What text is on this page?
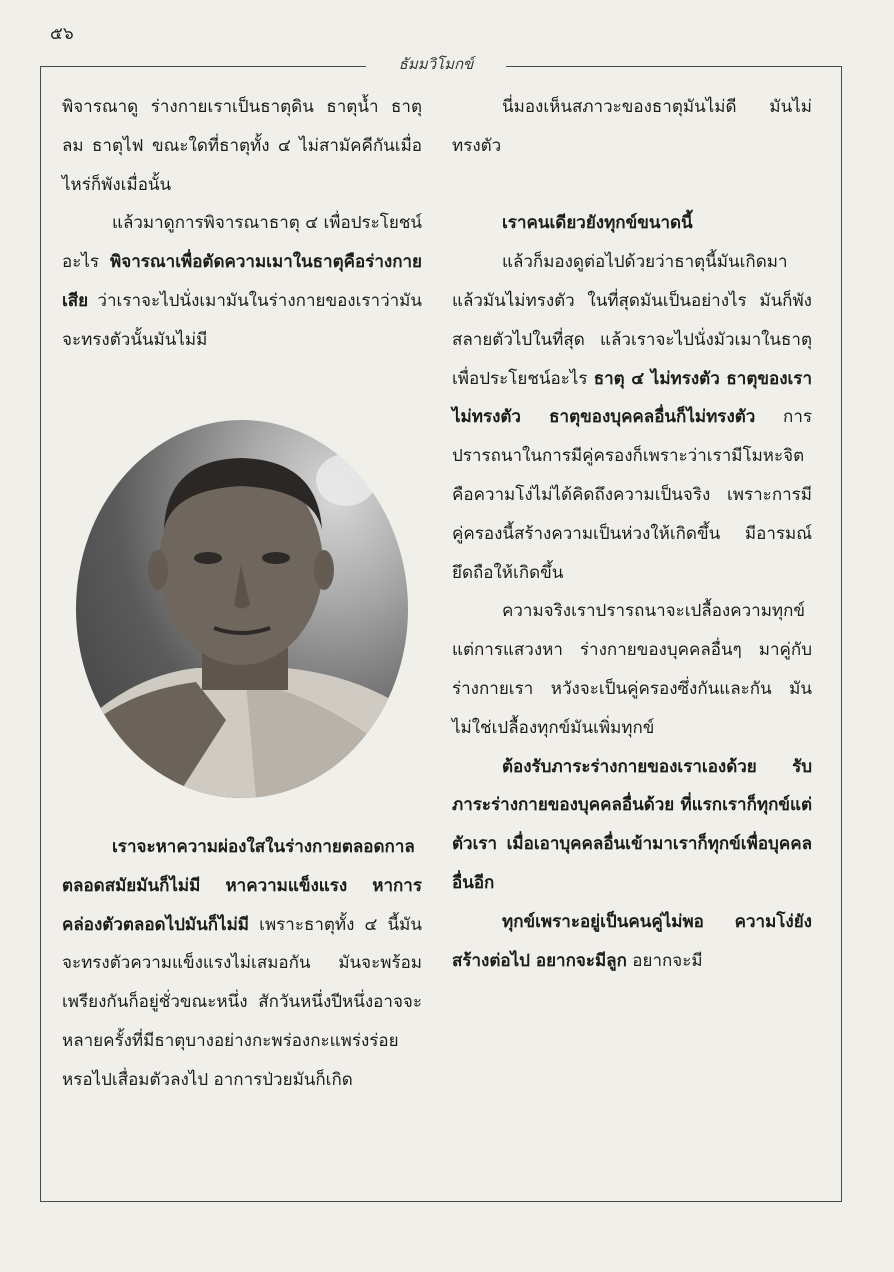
๕๖
ธัมมวิโมกข์

พิจารณาดู ร่างกายเราเป็นธาตุดิน ธาตุน้ำ ธาตุลม ธาตุไฟ ขณะใดที่ธาตุทั้ง ๔ ไม่สามัคคีกันเมื่อไหร่ก็พังเมื่อนั้น

แล้วมาดูการพิจารณาธาตุ ๔ เพื่อประโยชน์อะไร พิจารณาเพื่อตัดความเมาในธาตุคือร่างกายเสีย ว่าเราจะไปนั่งเมามันในร่างกายของเราว่ามันจะทรงตัวนั้นมันไม่มี

เราจะหาความผ่องใสในร่างกายตลอดกาลตลอดสมัยมันก็ไม่มี หาความแข็งแรง หาการคล่องตัวตลอดไปมันก็ไม่มี เพราะธาตุทั้ง ๔ นี้มันจะทรงตัวความแข็งแรงไม่เสมอกัน มันจะพร้อมเพรียงกันก็อยู่ชั่วขณะหนึ่ง สักวันหนึ่งปีหนึ่งอาจจะหลายครั้งที่มีธาตุบางอย่างกะพร่องกะแพร่งร่อยหรอไปเสื่อมตัวลงไป อาการป่วยมันก็เกิด

นี่มองเห็นสภาวะของธาตุมันไม่ดี มันไม่ทรงตัว

เราคนเดียวยังทุกข์ขนาดนี้

แล้วก็มองดูต่อไปด้วยว่าธาตุนี้มันเกิดมาแล้วมันไม่ทรงตัว ในที่สุดมันเป็นอย่างไร มันก็พังสลายตัวไปในที่สุด แล้วเราจะไปนั่งมัวเมาในธาตุเพื่อประโยชน์อะไร ธาตุ ๔ ไม่ทรงตัว ธาตุของเราไม่ทรงตัว ธาตุของบุคคลอื่นก็ไม่ทรงตัว การปรารถนาในการมีคู่ครองก็เพราะว่าเรามีโมหะจิต คือความโง่ไม่ได้คิดถึงความเป็นจริง เพราะการมีคู่ครองนี้สร้างความเป็นห่วงให้เกิดขึ้น มีอารมณ์ยึดถือให้เกิดขึ้น

ความจริงเราปรารถนาจะเปลื้องความทุกข์ แต่การแสวงหา ร่างกายของบุคคลอื่นๆ มาคู่กับร่างกายเรา หวังจะเป็นคู่ครองซึ่งกันและกัน มันไม่ใช่เปลื้องทุกข์มันเพิ่มทุกข์

ต้องรับภาระร่างกายของเราเองด้วย รับภาระร่างกายของบุคคลอื่นด้วย ที่แรกเราก็ทุกข์แต่ตัวเรา เมื่อเอาบุคคลอื่นเข้ามาเราก็ทุกข์เพื่อบุคคลอื่นอีก

ทุกข์เพราะอยู่เป็นคนคู่ไม่พอ ความโง่ยังสร้างต่อไป อยากจะมีลูก อยากจะมี
